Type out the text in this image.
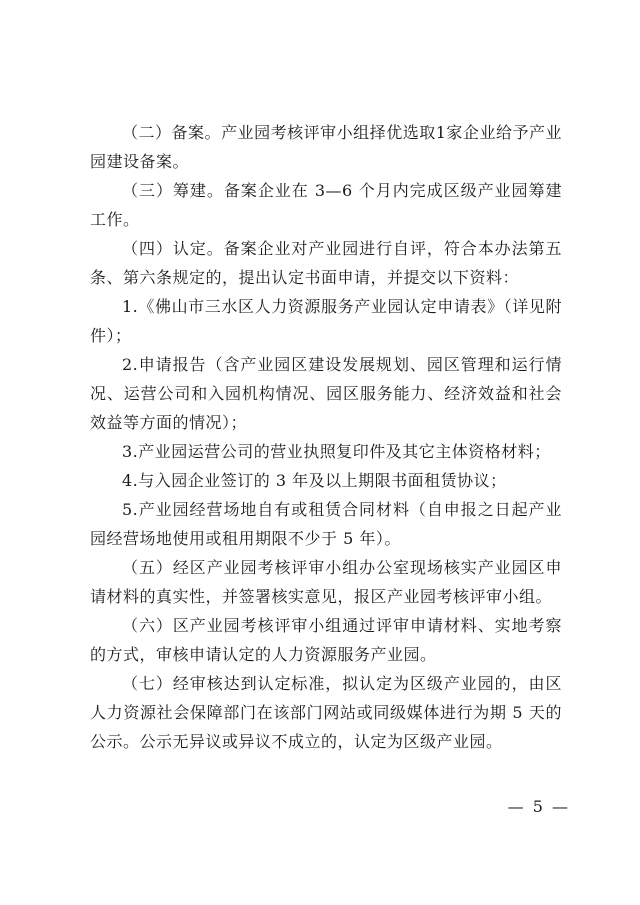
（二）备案。产业园考核评审小组择优选取1家企业给予产业园建设备案。

（三）筹建。备案企业在 3—6 个月内完成区级产业园筹建工作。

（四）认定。备案企业对产业园进行自评，符合本办法第五条、第六条规定的，提出认定书面申请，并提交以下资料：

1.《佛山市三水区人力资源服务产业园认定申请表》（详见附件）；

2.申请报告（含产业园区建设发展规划、园区管理和运行情况、运营公司和入园机构情况、园区服务能力、经济效益和社会效益等方面的情况）；

3.产业园运营公司的营业执照复印件及其它主体资格材料；

4.与入园企业签订的 3 年及以上期限书面租赁协议；

5.产业园经营场地自有或租赁合同材料（自申报之日起产业园经营场地使用或租用期限不少于 5 年）。

（五）经区产业园考核评审小组办公室现场核实产业园区申请材料的真实性，并签署核实意见，报区产业园考核评审小组。

（六）区产业园考核评审小组通过评审申请材料、实地考察的方式，审核申请认定的人力资源服务产业园。

（七）经审核达到认定标准，拟认定为区级产业园的，由区人力资源社会保障部门在该部门网站或同级媒体进行为期 5 天的公示。公示无异议或异议不成立的，认定为区级产业园。

— 5 —
